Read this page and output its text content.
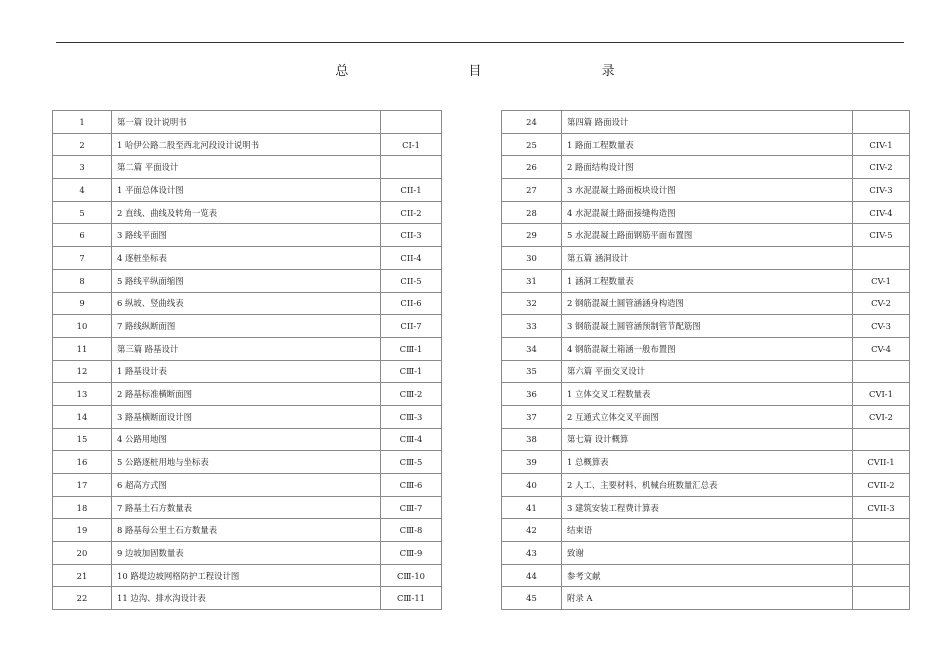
总 目 录
1	第一篇 设计说明书	
2	1 哈伊公路二股至西北河段设计说明书	CI-1
3	第二篇 平面设计	
4	1 平面总体设计图	CII-1
5	2 直线、曲线及转角一览表	CII-2
6	3 路线平面图	CII-3
7	4 逐桩坐标表	CII-4
8	5 路线平纵面缩图	CII-5
9	6 纵坡、竖曲线表	CII-6
10	7 路线纵断面图	CII-7
11	第三篇 路基设计	CⅢ-1
12	1 路基设计表	CⅢ-1
13	2 路基标准横断面图	CⅢ-2
14	3 路基横断面设计图	CⅢ-3
15	4 公路用地图	CⅢ-4
16	5 公路逐桩用地与坐标表	CⅢ-5
17	6 超高方式图	CⅢ-6
18	7 路基土石方数量表	CⅢ-7
19	8 路基每公里土石方数量表	CⅢ-8
20	9 边坡加固数量表	CⅢ-9
21	10 路堤边坡网格防护工程设计图	CⅢ-10
22	11 边沟、排水沟设计表	CⅢ-11
24	第四篇 路面设计	
25	1 路面工程数量表	CIV-1
26	2 路面结构设计图	CIV-2
27	3 水泥混凝土路面板块设计图	CIV-3
28	4 水泥混凝土路面接缝构造图	CIV-4
29	5 水泥混凝土路面钢筋平面布置图	CIV-5
30	第五篇 涵洞设计	
31	1 涵洞工程数量表	CV-1
32	2 钢筋混凝土圆管涵涵身构造图	CV-2
33	3 钢筋混凝土圆管涵预制管节配筋图	CV-3
34	4 钢筋混凝土箱涵一般布置图	CV-4
35	第六篇 平面交叉设计	
36	1 立体交叉工程数量表	CVI-1
37	2 互通式立体交叉平面图	CVI-2
38	第七篇 设计概算	
39	1 总概算表	CVII-1
40	2 人工、主要材料、机械台班数量汇总表	CVII-2
41	3 建筑安装工程费计算表	CVII-3
42	结束语	
43	致谢	
44	参考文献	
45	附录 A	
